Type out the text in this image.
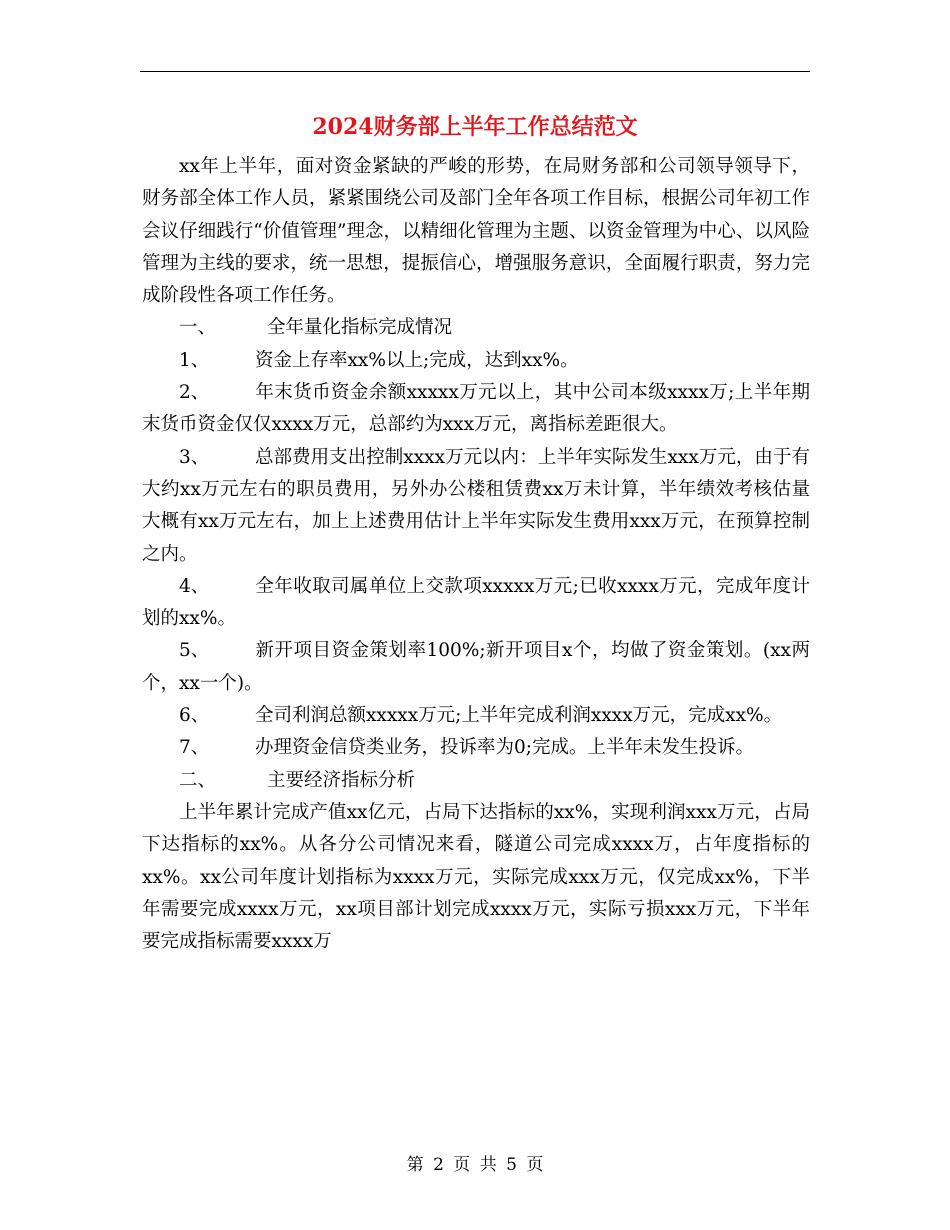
2024财务部上半年工作总结范文

xx年上半年，面对资金紧缺的严峻的形势，在局财务部和公司领导领导下，财务部全体工作人员，紧紧围绕公司及部门全年各项工作目标，根据公司年初工作会议仔细践行“价值管理”理念，以精细化管理为主题、以资金管理为中心、以风险管理为主线的要求，统一思想，提振信心，增强服务意识，全面履行职责，努力完成阶段性各项工作任务。

一、	全年量化指标完成情况

1、 资金上存率xx%以上;完成，达到xx%。

2、 年末货币资金余额xxxxx万元以上，其中公司本级xxxx万;上半年期末货币资金仅仅xxxx万元，总部约为xxx万元，离指标差距很大。

3、 总部费用支出控制xxxx万元以内：上半年实际发生xxx万元，由于有大约xx万元左右的职员费用，另外办公楼租赁费xx万未计算，半年绩效考核估量大概有xx万元左右，加上上述费用估计上半年实际发生费用xxx万元，在预算控制之内。

4、 全年收取司属单位上交款项xxxxx万元;已收xxxx万元，完成年度计划的xx%。

5、 新开项目资金策划率100%;新开项目x个，均做了资金策划。(xx两个，xx一个)。

6、 全司利润总额xxxxx万元;上半年完成利润xxxx万元，完成xx%。

7、 办理资金信贷类业务，投诉率为0;完成。上半年未发生投诉。

二、	主要经济指标分析

上半年累计完成产值xx亿元，占局下达指标的xx%，实现利润xxx万元，占局下达指标的xx%。从各分公司情况来看，隧道公司完成xxxx万，占年度指标的xx%。xx公司年度计划指标为xxxx万元，实际完成xxx万元，仅完成xx%，下半年需要完成xxxx万元，xx项目部计划完成xxxx万元，实际亏损xxx万元，下半年要完成指标需要xxxx万

第 2 页 共 5 页
